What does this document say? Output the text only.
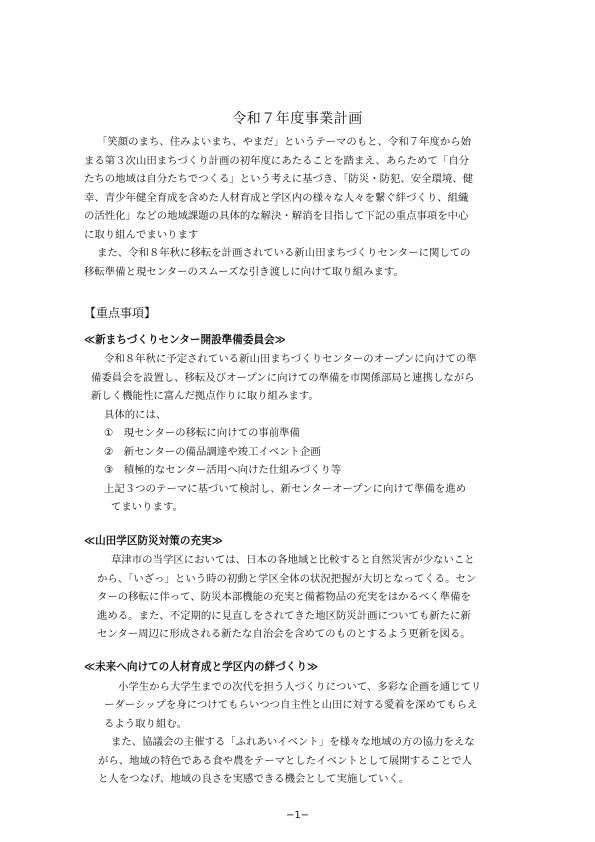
令和７年度事業計画

「笑顔のまち、住みよいまち、やまだ」というテーマのもと、令和７年度から始

まる第３次山田まちづくり計画の初年度にあたることを踏まえ、あらためて「自分

たちの地域は自分たちでつくる」という考えに基づき、「防災・防犯、安全環境、健

幸、青少年健全育成を含めた人材育成と学区内の様々な人々を繋ぐ絆づくり、組織

の活性化」などの地域課題の具体的な解決・解消を目指して下記の重点事項を中心

に取り組んでまいります

また、令和８年秋に移転を計画されている新山田まちづくりセンターに関しての

移転準備と現センターのスムーズな引き渡しに向けて取り組みます。

【重点事項】
≪新まちづくりセンター開設準備委員会≫

令和８年秋に予定されている新山田まちづくりセンターのオープンに向けての準

備委員会を設置し、移転及びオープンに向けての準備を市関係部局と連携しながら

新しく機能性に富んだ拠点作りに取り組みます。

具体的には、

①　現センターの移転に向けての事前準備

②　新センターの備品調達や竣工イベント企画

③　積極的なセンター活用へ向けた仕組みづくり等

上記３つのテーマに基づいて検討し、新センターオープンに向けて準備を進め

てまいります。

≪山田学区防災対策の充実≫

草津市の当学区においては、日本の各地域と比較すると自然災害が少ないこと

から、「いざっ」という時の初動と学区全体の状況把握が大切となってくる。セン

ターの移転に伴って、防災本部機能の充実と備蓄物品の充実をはかるべく準備を

進める。また、不定期的に見直しをされてきた地区防災計画についても新たに新

センター周辺に形成される新たな自治会を含めてのものとするよう更新を図る。

≪未来へ向けての人材育成と学区内の絆づくり≫

小学生から大学生までの次代を担う人づくりについて、多彩な企画を通じてリ

ーダーシップを身につけてもらいつつ自主性と山田に対する愛着を深めてもらえ

るよう取り組む。

また、協議会の主催する「ふれあいイベント」を様々な地域の方の協力をえな

がら、地域の特色である食や農をテーマとしたイベントとして展開することで人

と人をつなげ、地域の良さを実感できる機会として実施していく。

−1−
